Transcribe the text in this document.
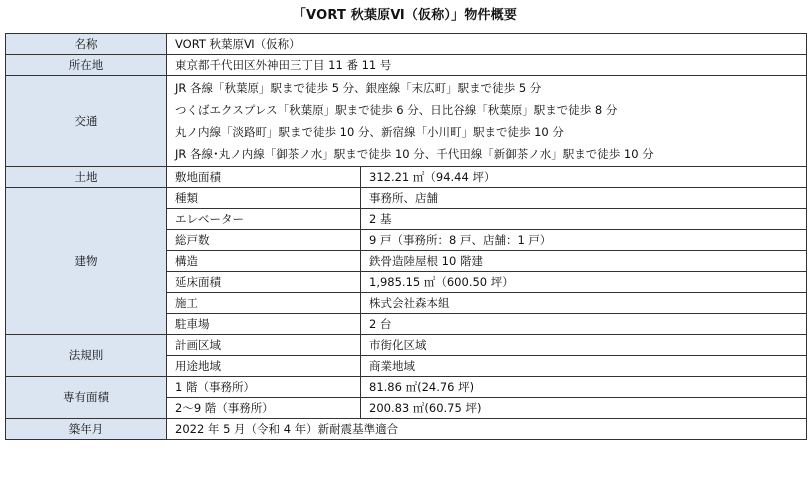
「VORT 秋葉原Ⅵ（仮称）」物件概要
名称	VORT 秋葉原Ⅵ（仮称）	
所在地	東京都千代田区外神田三丁目 11 番 11 号	
交通	JR 各線「秋葉原」駅まで徒歩 5 分、銀座線「末広町」駅まで徒歩 5 分
つくばエクスプレス「秋葉原」駅まで徒歩 6 分、日比谷線「秋葉原」駅まで徒歩 8 分
丸ノ内線「淡路町」駅まで徒歩 10 分、新宿線「小川町」駅まで徒歩 10 分
JR 各線･丸ノ内線「御茶ノ水」駅まで徒歩 10 分、千代田線「新御茶ノ水」駅まで徒歩 10 分	

土地	敷地面積	312.21 ㎡（94.44 坪）
建物	種類	事務所、店舗
	エレベーター	2 基
	総戸数	9 戸（事務所：8 戸、店舗：1 戸）
	構造	鉄骨造陸屋根 10 階建
	延床面積	1,985.15 ㎡（600.50 坪）
	施工	株式会社森本組
	駐車場	2 台
法規則	計画区域	市街化区域
	用途地域	商業地域
専有面積	1 階（事務所）	81.86 ㎡(24.76 坪)
	2～9 階（事務所）	200.83 ㎡(60.75 坪)
築年月	2022 年 5 月（令和 4 年）新耐震基準適合	
